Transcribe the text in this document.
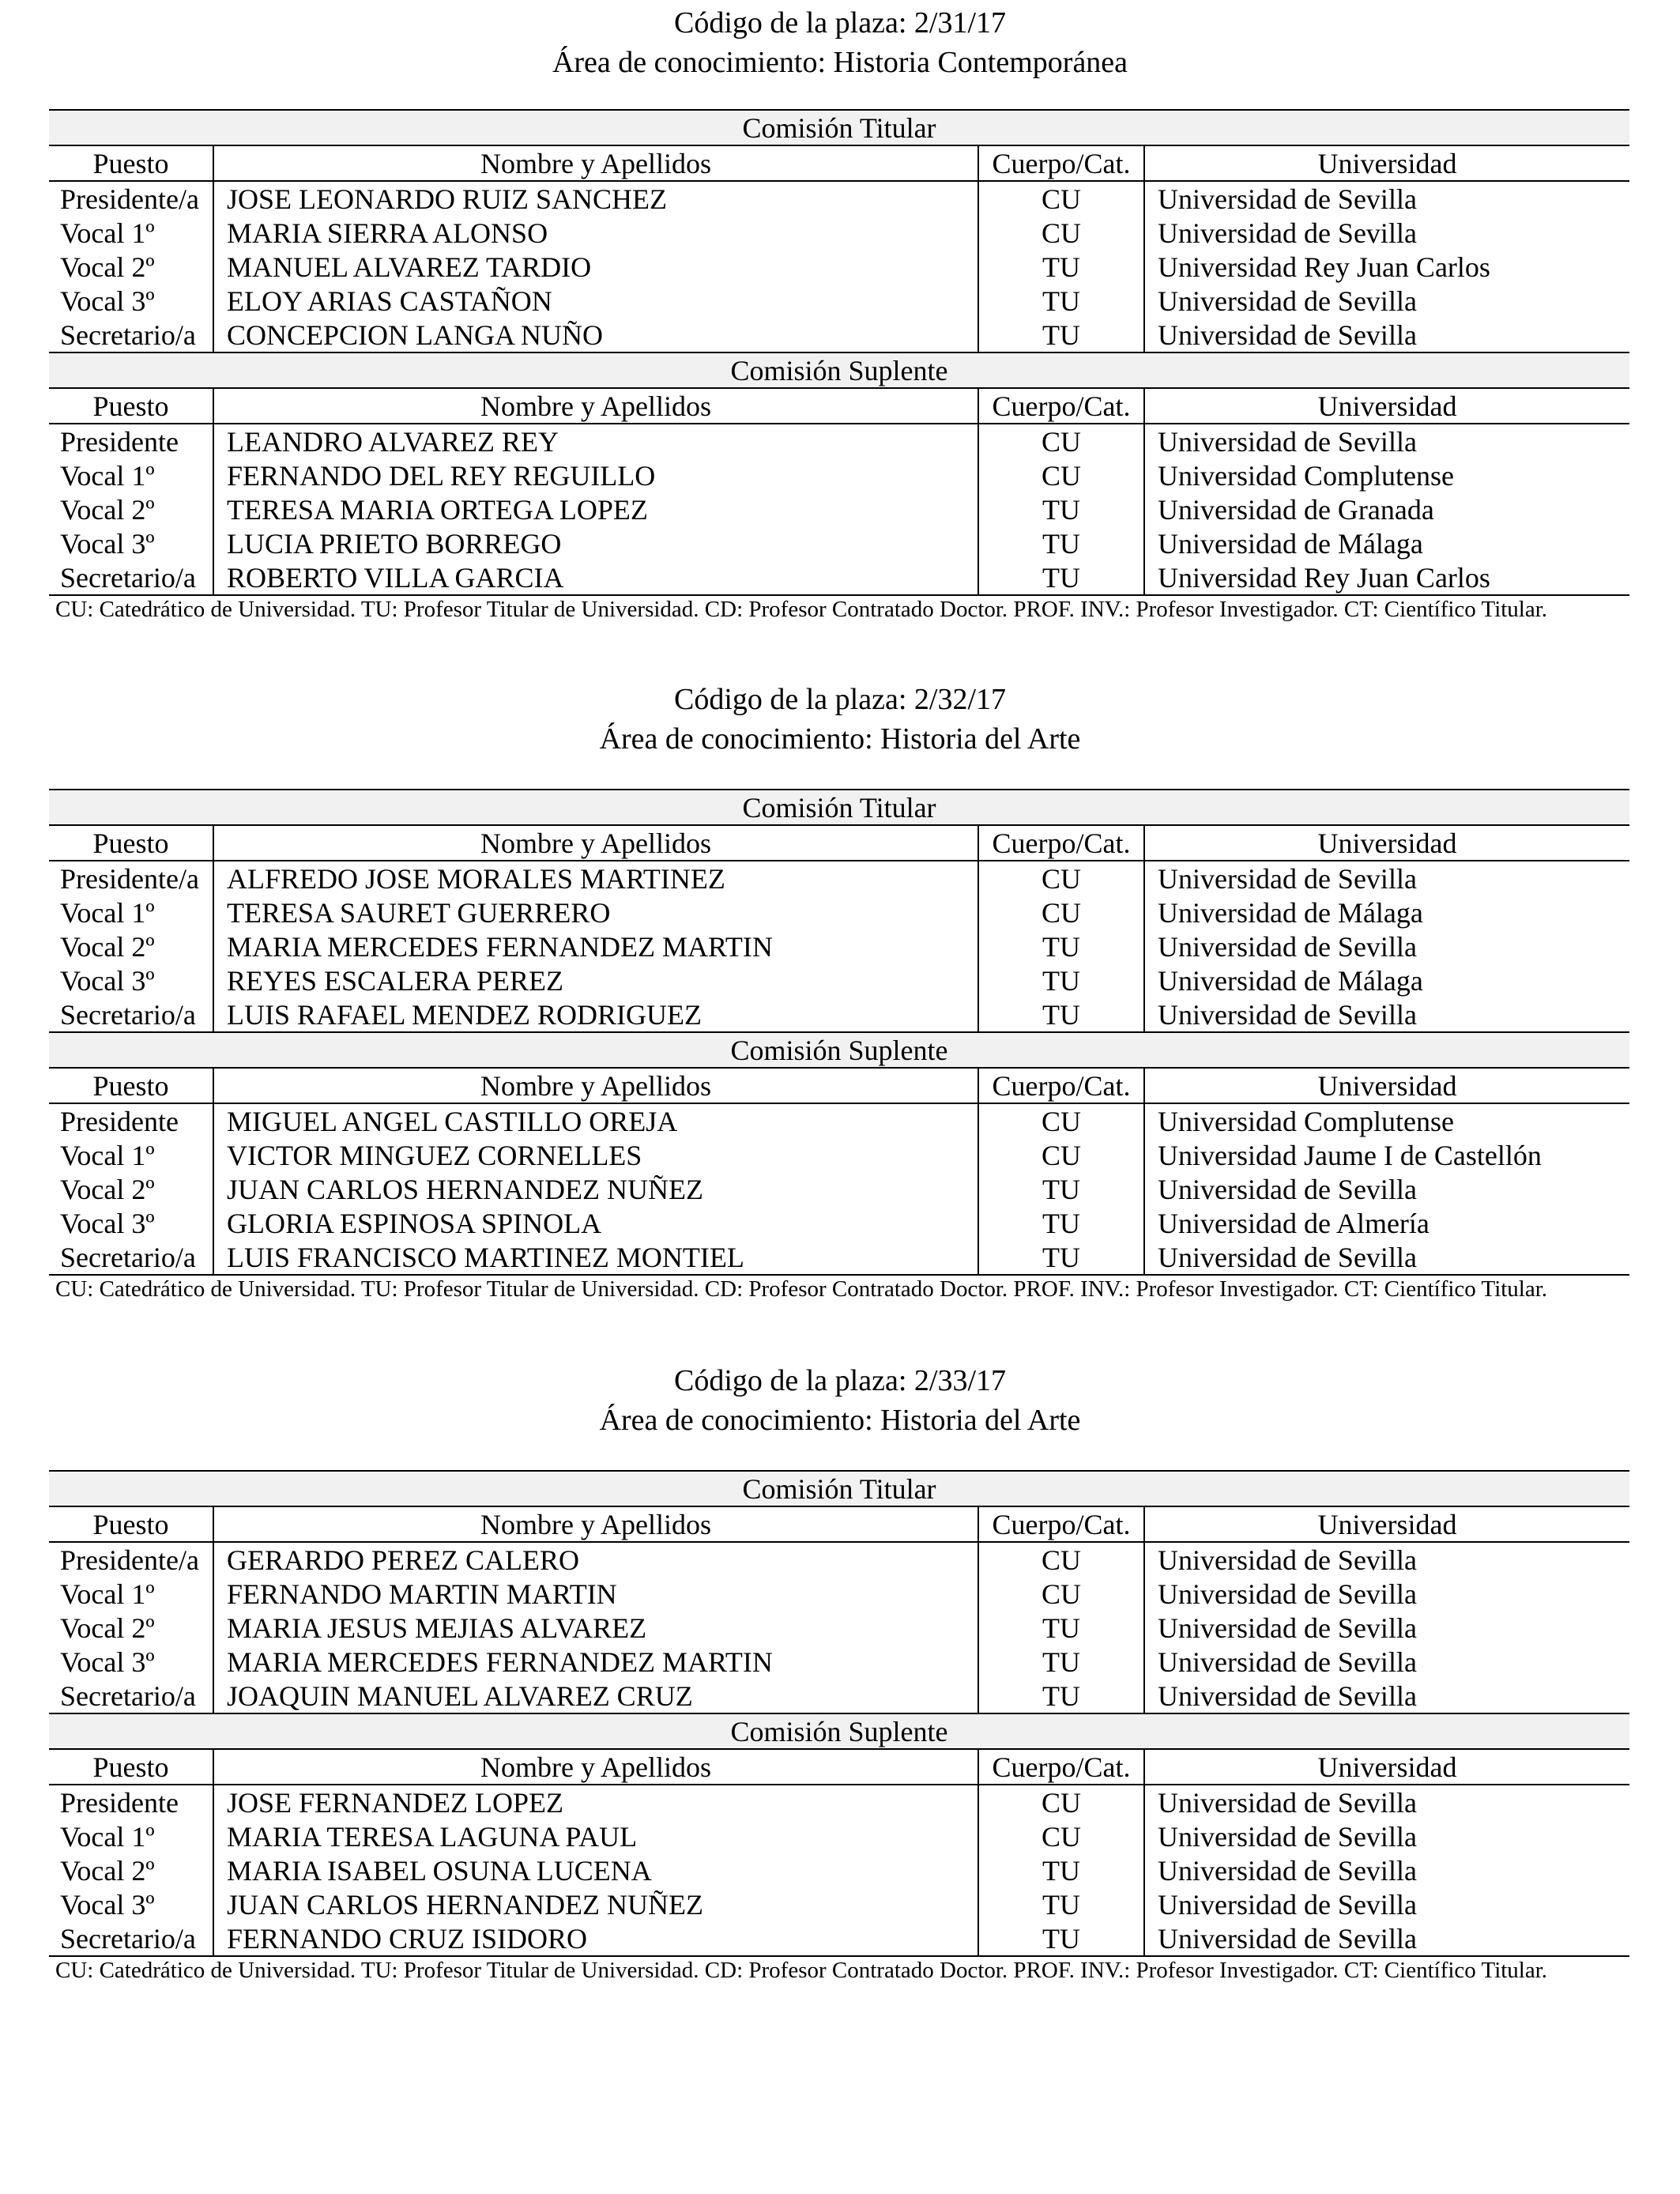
Código de la plaza: 2/31/17
Área de conocimiento: Historia Contemporánea
Comisión Titular			
Puesto	Nombre y Apellidos	Cuerpo/Cat.	Universidad
Presidente/a	JOSE LEONARDO RUIZ SANCHEZ	CU	Universidad de Sevilla
Vocal 1º	MARIA SIERRA ALONSO	CU	Universidad de Sevilla
Vocal 2º	MANUEL ALVAREZ TARDIO	TU	Universidad Rey Juan Carlos
Vocal 3º	ELOY ARIAS CASTAÑON	TU	Universidad de Sevilla
Secretario/a	CONCEPCION LANGA NUÑO	TU	Universidad de Sevilla
Comisión Suplente			
Puesto	Nombre y Apellidos	Cuerpo/Cat.	Universidad
Presidente	LEANDRO ALVAREZ REY	CU	Universidad de Sevilla
Vocal 1º	FERNANDO DEL REY REGUILLO	CU	Universidad Complutense
Vocal 2º	TERESA MARIA ORTEGA LOPEZ	TU	Universidad de Granada
Vocal 3º	LUCIA PRIETO BORREGO	TU	Universidad de Málaga
Secretario/a	ROBERTO VILLA GARCIA	TU	Universidad Rey Juan Carlos
CU: Catedrático de Universidad. TU: Profesor Titular de Universidad. CD: Profesor Contratado Doctor. PROF. INV.: Profesor Investigador. CT: Científico Titular.
Código de la plaza: 2/32/17
Área de conocimiento: Historia del Arte
Comisión Titular			
Puesto	Nombre y Apellidos	Cuerpo/Cat.	Universidad
Presidente/a	ALFREDO JOSE MORALES MARTINEZ	CU	Universidad de Sevilla
Vocal 1º	TERESA SAURET GUERRERO	CU	Universidad de Málaga
Vocal 2º	MARIA MERCEDES FERNANDEZ MARTIN	TU	Universidad de Sevilla
Vocal 3º	REYES ESCALERA PEREZ	TU	Universidad de Málaga
Secretario/a	LUIS RAFAEL MENDEZ RODRIGUEZ	TU	Universidad de Sevilla
Comisión Suplente			
Puesto	Nombre y Apellidos	Cuerpo/Cat.	Universidad
Presidente	MIGUEL ANGEL CASTILLO OREJA	CU	Universidad Complutense
Vocal 1º	VICTOR MINGUEZ CORNELLES	CU	Universidad Jaume I de Castellón
Vocal 2º	JUAN CARLOS HERNANDEZ NUÑEZ	TU	Universidad de Sevilla
Vocal 3º	GLORIA ESPINOSA SPINOLA	TU	Universidad de Almería
Secretario/a	LUIS FRANCISCO MARTINEZ MONTIEL	TU	Universidad de Sevilla
CU: Catedrático de Universidad. TU: Profesor Titular de Universidad. CD: Profesor Contratado Doctor. PROF. INV.: Profesor Investigador. CT: Científico Titular.
Código de la plaza: 2/33/17
Área de conocimiento: Historia del Arte
Comisión Titular			
Puesto	Nombre y Apellidos	Cuerpo/Cat.	Universidad
Presidente/a	GERARDO PEREZ CALERO	CU	Universidad de Sevilla
Vocal 1º	FERNANDO MARTIN MARTIN	CU	Universidad de Sevilla
Vocal 2º	MARIA JESUS MEJIAS ALVAREZ	TU	Universidad de Sevilla
Vocal 3º	MARIA MERCEDES FERNANDEZ MARTIN	TU	Universidad de Sevilla
Secretario/a	JOAQUIN MANUEL ALVAREZ CRUZ	TU	Universidad de Sevilla
Comisión Suplente			
Puesto	Nombre y Apellidos	Cuerpo/Cat.	Universidad
Presidente	JOSE FERNANDEZ LOPEZ	CU	Universidad de Sevilla
Vocal 1º	MARIA TERESA LAGUNA PAUL	CU	Universidad de Sevilla
Vocal 2º	MARIA ISABEL OSUNA LUCENA	TU	Universidad de Sevilla
Vocal 3º	JUAN CARLOS HERNANDEZ NUÑEZ	TU	Universidad de Sevilla
Secretario/a	FERNANDO CRUZ ISIDORO	TU	Universidad de Sevilla
CU: Catedrático de Universidad. TU: Profesor Titular de Universidad. CD: Profesor Contratado Doctor. PROF. INV.: Profesor Investigador. CT: Científico Titular.
